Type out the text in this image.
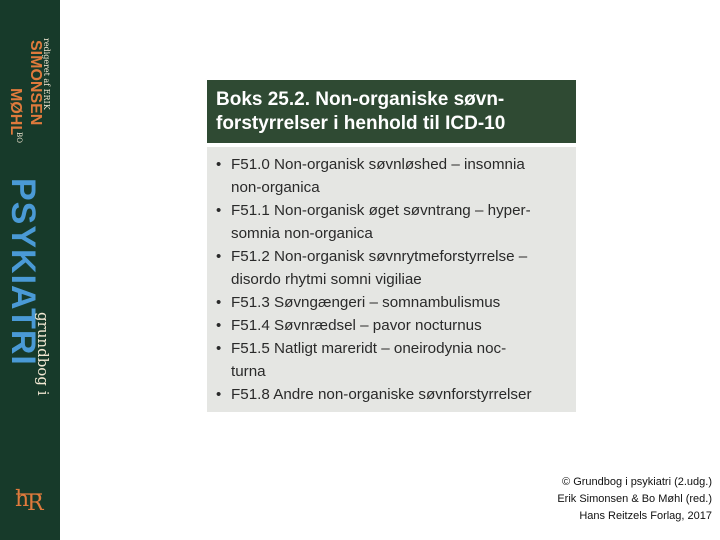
redigeret af ERIK
SIMONSEN
BO
MØHL
PSYKIATRI
grundbog i
h
R
Boks 25.2. Non-organiske søvn-
forstyrrelser i henhold til ICD-10
• F51.0 Non-organisk søvnløshed – insomnia
non-organica
• F51.1 Non-organisk øget søvntrang – hyper-
somnia non-organica
• F51.2 Non-organisk søvnrytmeforstyrrelse –
disordo rhytmi somni vigiliae
• F51.3 Søvngængeri – somnambulismus
• F51.4 Søvnrædsel – pavor nocturnus
• F51.5 Natligt mareridt – oneirodynia noc-
turna
• F51.8 Andre non-organiske søvnforstyrrelser
© Grundbog i psykiatri (2.udg.)
Erik Simonsen & Bo Møhl (red.)
Hans Reitzels Forlag, 2017
